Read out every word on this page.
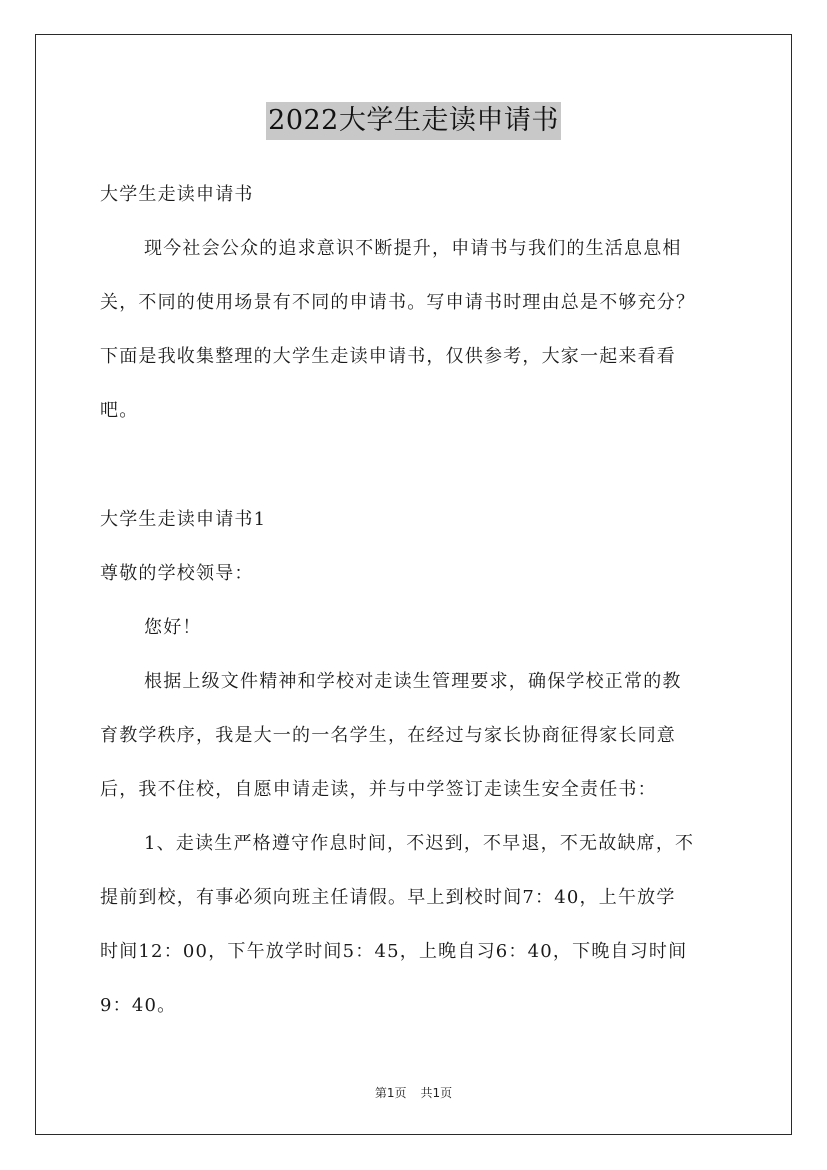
2022大学生走读申请书
大学生走读申请书
现今社会公众的追求意识不断提升，申请书与我们的生活息息相
关，不同的使用场景有不同的申请书。写申请书时理由总是不够充分？
下面是我收集整理的大学生走读申请书，仅供参考，大家一起来看看
吧。
大学生走读申请书1
尊敬的学校领导：
您好！
根据上级文件精神和学校对走读生管理要求，确保学校正常的教
育教学秩序，我是大一的一名学生，在经过与家长协商征得家长同意
后，我不住校，自愿申请走读，并与中学签订走读生安全责任书：
1、走读生严格遵守作息时间，不迟到，不早退，不无故缺席，不
提前到校，有事必须向班主任请假。早上到校时间7：40，上午放学
时间12：00，下午放学时间5：45，上晚自习6：40，下晚自习时间
9：40。
第1页 共1页
